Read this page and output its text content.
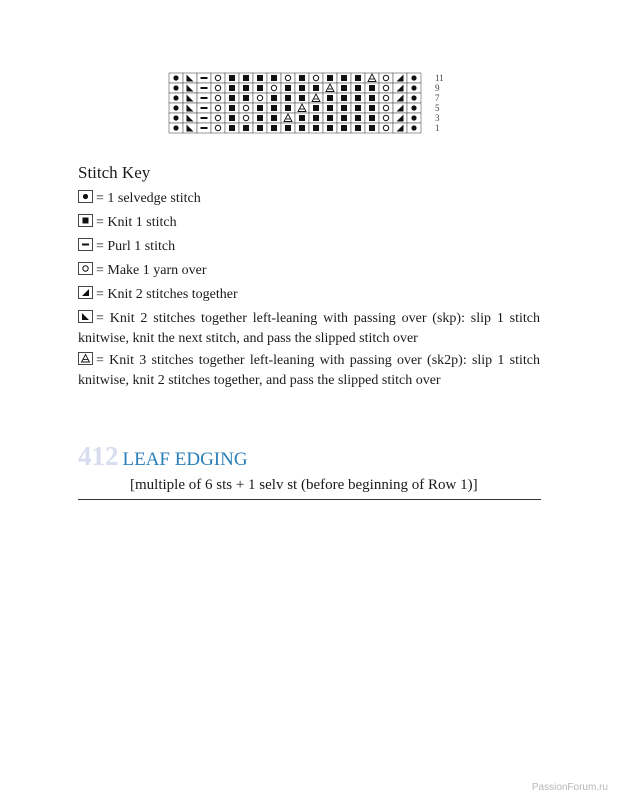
11
9
7
5
3
1
Stitch Key
= 1 selvedge stitch
= Knit 1 stitch
= Purl 1 stitch
= Make 1 yarn over
= Knit 2 stitches together
= Knit 2 stitches together left-leaning with passing over (skp): slip 1 stitch knitwise, knit the next stitch, and pass the slipped stitch over
= Knit 3 stitches together left-leaning with passing over (sk2p): slip 1 stitch knitwise, knit 2 stitches together, and pass the slipped stitch over
412 LEAF EDGING
[multiple of 6 sts + 1 selv st (before beginning of Row 1)]
PassionForum.ru
